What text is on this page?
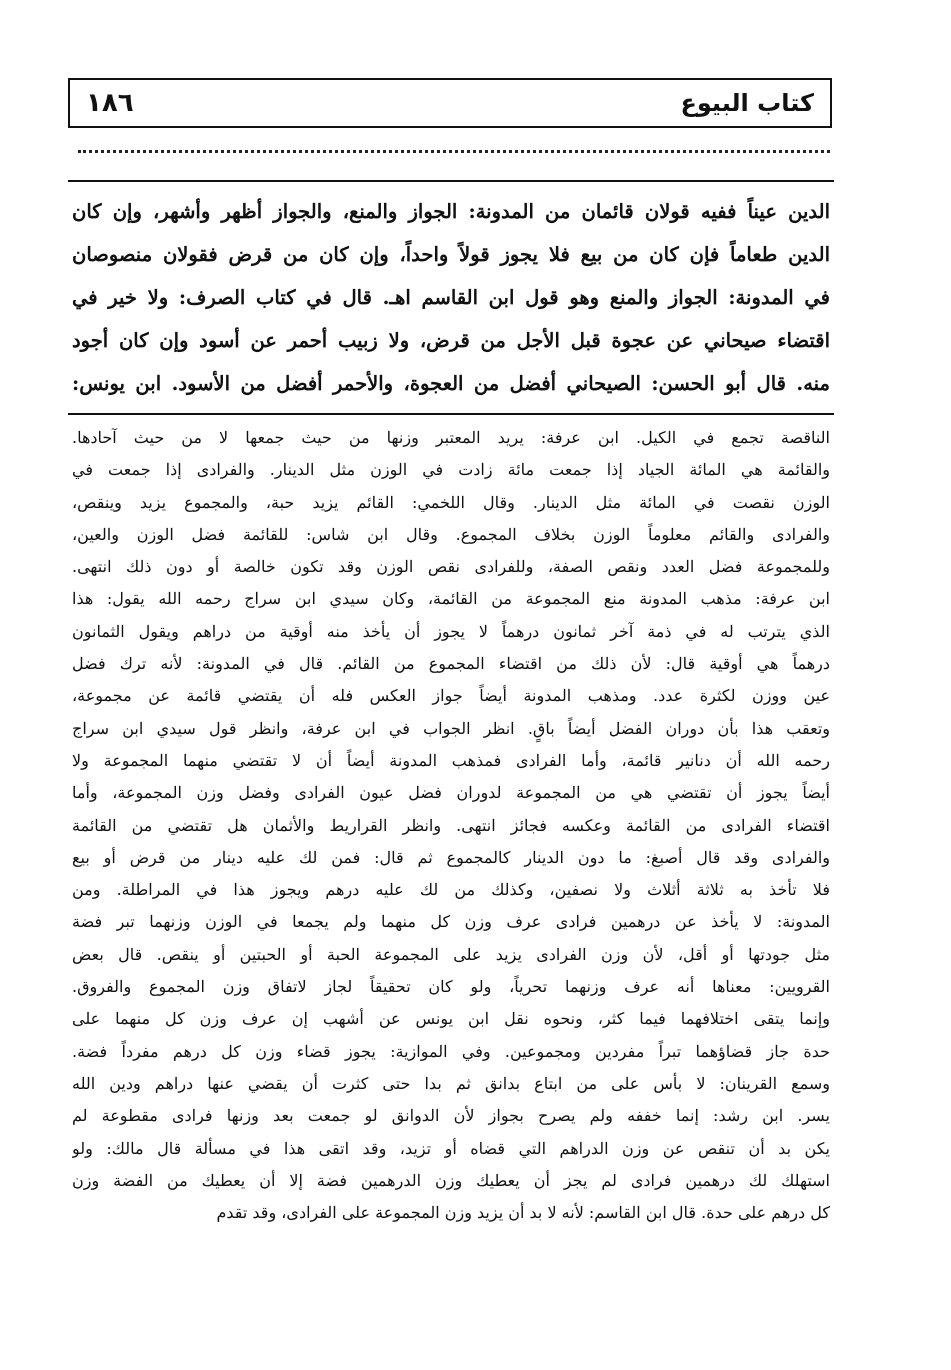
١٨٦	كتاب البيوع
الدين عيناً ففيه قولان قائمان من المدونة: الجواز والمنع، والجواز أظهر وأشهر، وإن كان
الدين طعاماً فإن كان من بيع فلا يجوز قولاً واحداً، وإن كان من قرض فقولان منصوصان
في المدونة: الجواز والمنع وهو قول ابن القاسم اهـ. قال في كتاب الصرف: ولا خير في
اقتضاء صيحاني عن عجوة قبل الأجل من قرض، ولا زبيب أحمر عن أسود وإن كان أجود
منه. قال أبو الحسن: الصيحاني أفضل من العجوة، والأحمر أفضل من الأسود. ابن يونس:
الناقصة تجمع في الكيل. ابن عرفة: يريد المعتبر وزنها من حيث جمعها لا من حيث آحادها.
والقائمة هي المائة الجياد إذا جمعت مائة زادت في الوزن مثل الدينار. والفرادى إذا جمعت في
الوزن نقصت في المائة مثل الدينار. وقال اللخمي: القائم يزيد حبة، والمجموع يزيد وينقص،
والفرادى والقائم معلوماً الوزن بخلاف المجموع. وقال ابن شاس: للقائمة فضل الوزن والعين،
وللمجموعة فضل العدد ونقص الصفة، وللفرادى نقص الوزن وقد تكون خالصة أو دون ذلك انتهى.
ابن عرفة: مذهب المدونة منع المجموعة من القائمة، وكان سيدي ابن سراج رحمه الله يقول: هذا
الذي يترتب له في ذمة آخر ثمانون درهماً لا يجوز أن يأخذ منه أوقية من دراهم ويقول الثمانون
درهماً هي أوقية قال: لأن ذلك من اقتضاء المجموع من القائم. قال في المدونة: لأنه ترك فضل
عين ووزن لكثرة عدد. ومذهب المدونة أيضاً جواز العكس فله أن يقتضي قائمة عن مجموعة،
وتعقب هذا بأن دوران الفضل أيضاً باقٍ. انظر الجواب في ابن عرفة، وانظر قول سيدي ابن سراج
رحمه الله أن دنانير قائمة، وأما الفرادى فمذهب المدونة أيضاً أن لا تقتضي منهما المجموعة ولا
أيضاً يجوز أن تقتضي هي من المجموعة لدوران فضل عيون الفرادى وفضل وزن المجموعة، وأما
اقتضاء الفرادى من القائمة وعكسه فجائز انتهى. وانظر القراريط والأثمان هل تقتضي من القائمة
والفرادى وقد قال أصبغ: ما دون الدينار كالمجموع ثم قال: فمن لك عليه دينار من قرض أو بيع
فلا تأخذ به ثلاثة أثلاث ولا نصفين، وكذلك من لك عليه درهم ويجوز هذا في المراطلة. ومن
المدونة: لا يأخذ عن درهمين فرادى عرف وزن كل منهما ولم يجمعا في الوزن وزنهما تبر فضة
مثل جودتها أو أقل، لأن وزن الفرادى يزيد على المجموعة الحبة أو الحبتين أو ينقص. قال بعض
القرويين: معناها أنه عرف وزنهما تحرياً، ولو كان تحقيقاً لجاز لاتفاق وزن المجموع والفروق.
وإنما يتقى اختلافهما فيما كثر، ونحوه نقل ابن يونس عن أشهب إن عرف وزن كل منهما على
حدة جاز قضاؤهما تبراً مفردين ومجموعين. وفي الموازية: يجوز قضاء وزن كل درهم مفرداً فضة.
وسمع القرينان: لا بأس على من ابتاع بدانق ثم بدا حتى كثرت أن يقضي عنها دراهم ودين الله
يسر. ابن رشد: إنما خففه ولم يصرح بجواز لأن الدوانق لو جمعت بعد وزنها فرادى مقطوعة لم
يكن بد أن تنقص عن وزن الدراهم التي قضاه أو تزيد، وقد اتقى هذا في مسألة قال مالك: ولو
استهلك لك درهمين فرادى لم يجز أن يعطيك وزن الدرهمين فضة إلا أن يعطيك من الفضة وزن
كل درهم على حدة. قال ابن القاسم: لأنه لا بد أن يزيد وزن المجموعة على الفرادى، وقد تقدم
